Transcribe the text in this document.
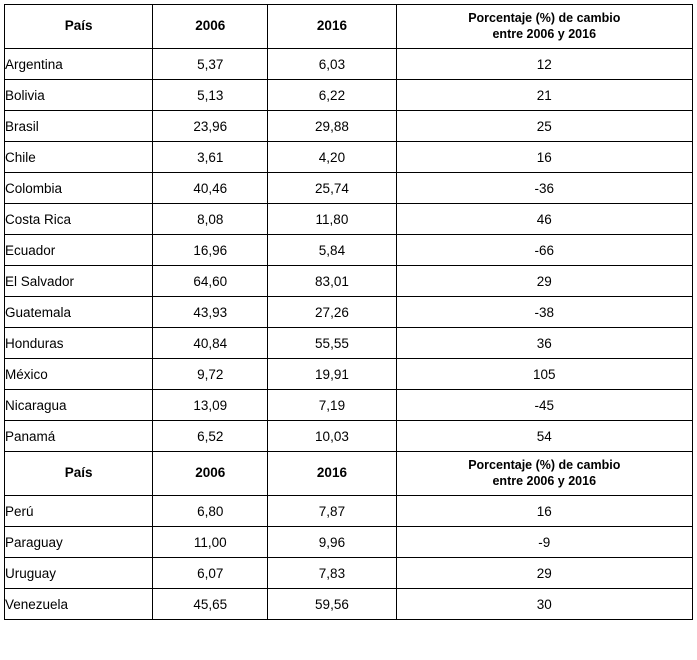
País	2006	2016	Porcentaje (%) de cambio
entre 2006 y 2016

Argentina	5,37	6,03	12
Bolivia	5,13	6,22	21
Brasil	23,96	29,88	25
Chile	3,61	4,20	16
Colombia	40,46	25,74	-36
Costa Rica	8,08	11,80	46
Ecuador	16,96	5,84	-66
El Salvador	64,60	83,01	29
Guatemala	43,93	27,26	-38
Honduras	40,84	55,55	36
México	9,72	19,91	105
Nicaragua	13,09	7,19	-45
Panamá	6,52	10,03	54
País	2006	2016	Porcentaje (%) de cambio
entre 2006 y 2016

Perú	6,80	7,87	16
Paraguay	11,00	9,96	-9
Uruguay	6,07	7,83	29
Venezuela	45,65	59,56	30
